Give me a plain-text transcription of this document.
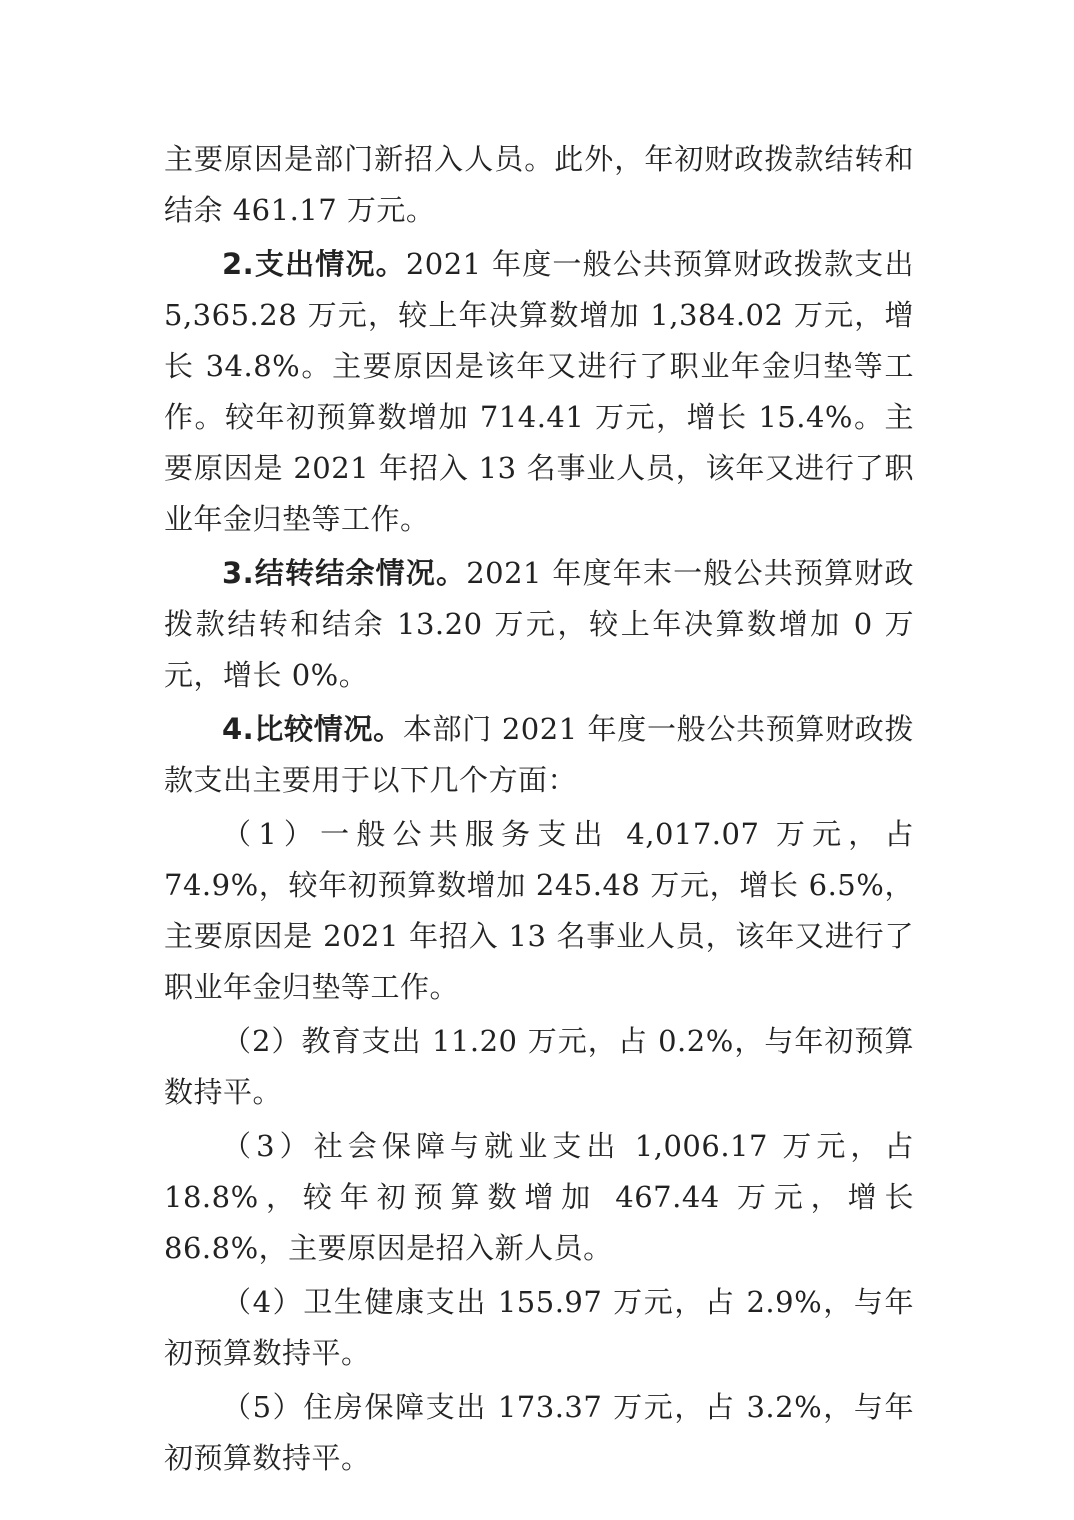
主要原因是部门新招入人员。此外，年初财政拨款结转和结余 461.17 万元。

2.支出情况。2021 年度一般公共预算财政拨款支出 5,365.28 万元，较上年决算数增加 1,384.02 万元，增长 34.8%。主要原因是该年又进行了职业年金归垫等工作。较年初预算数增加 714.41 万元，增长 15.4%。主要原因是 2021 年招入 13 名事业人员，该年又进行了职业年金归垫等工作。

3.结转结余情况。2021 年度年末一般公共预算财政拨款结转和结余 13.20 万元，较上年决算数增加 0 万元，增长 0%。

4.比较情况。本部门 2021 年度一般公共预算财政拨款支出主要用于以下几个方面：

（1）一般公共服务支出 4,017.07 万元，占 74.9%，较年初预算数增加 245.48 万元，增长 6.5%，主要原因是 2021 年招入 13 名事业人员，该年又进行了职业年金归垫等工作。

（2）教育支出 11.20 万元，占 0.2%，与年初预算数持平。

（3）社会保障与就业支出 1,006.17 万元，占 18.8%，较年初预算数增加 467.44 万元，增长 86.8%，主要原因是招入新人员。

（4）卫生健康支出 155.97 万元，占 2.9%，与年初预算数持平。

（5）住房保障支出 173.37 万元，占 3.2%，与年初预算数持平。
